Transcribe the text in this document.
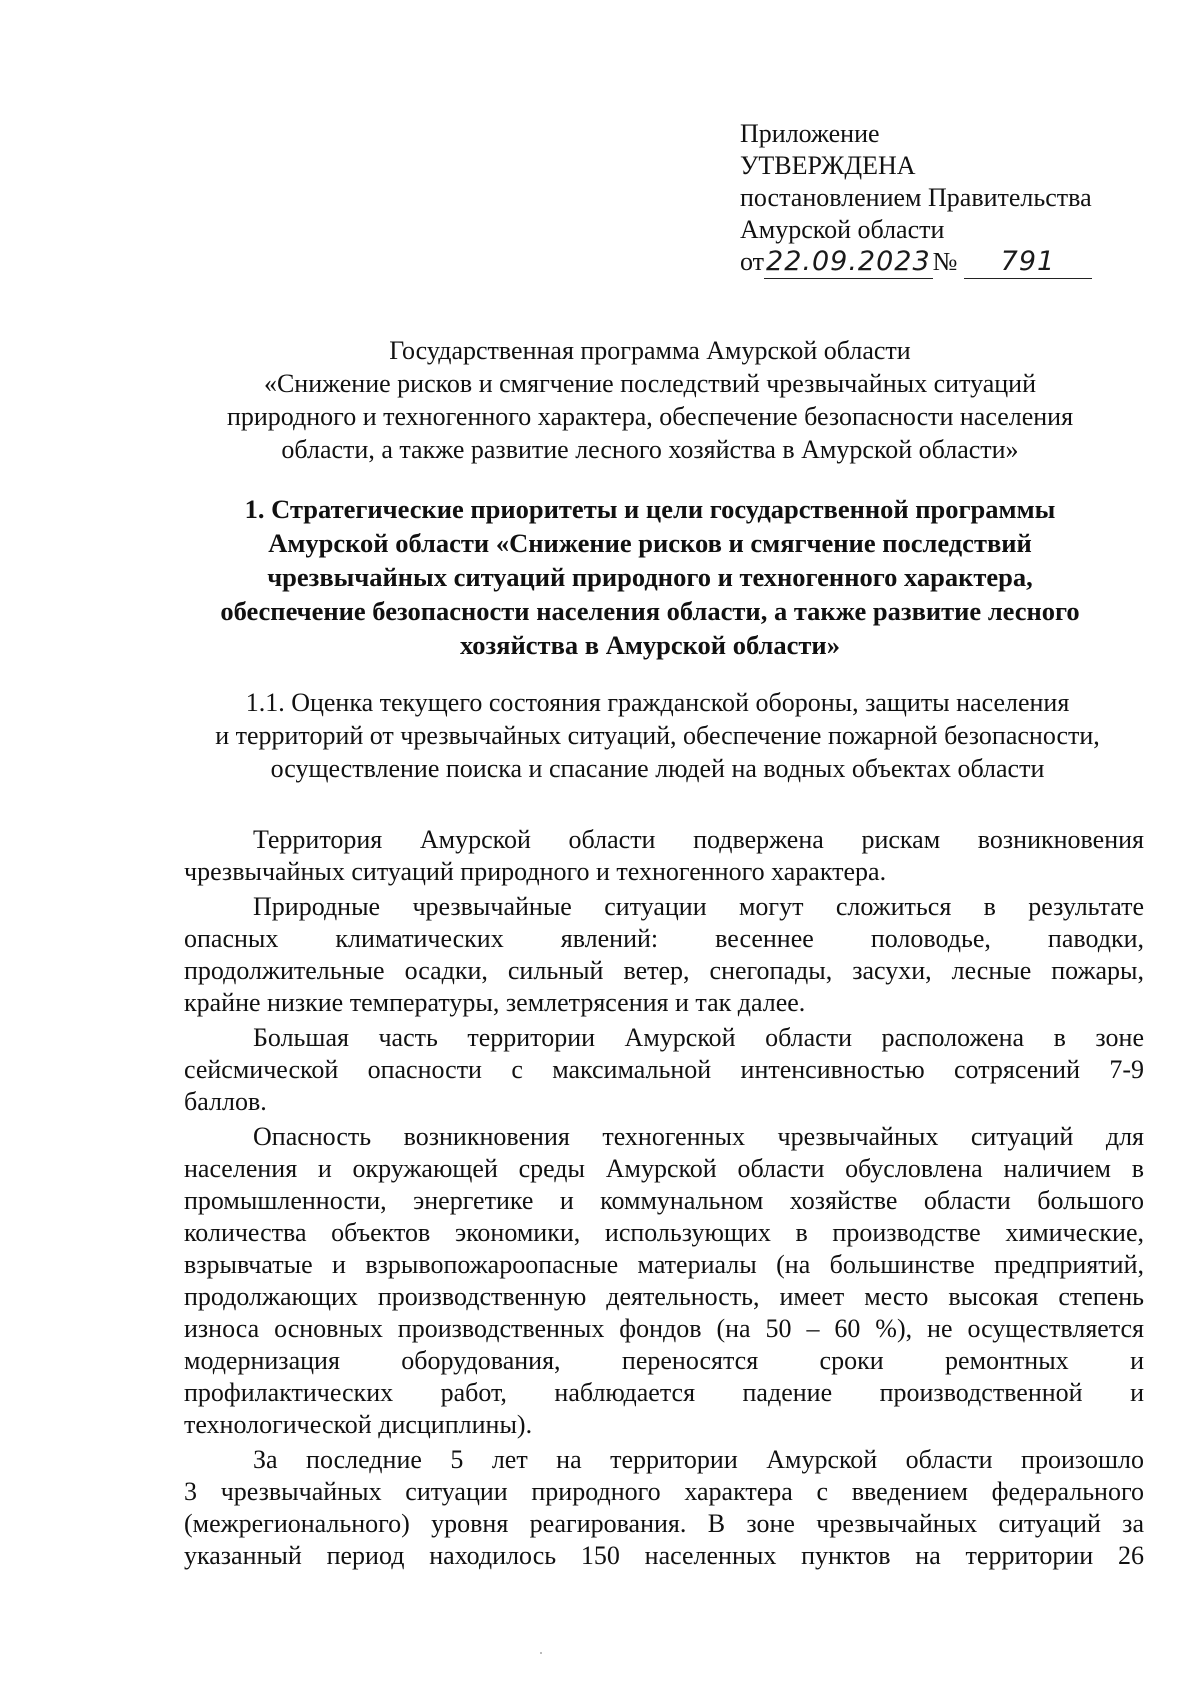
Приложение
УТВЕРЖДЕНА
постановлением Правительства
Амурской области
от22.09.2023№ 791
Государственная программа Амурской области
«Снижение рисков и смягчение последствий чрезвычайных ситуаций
природного и техногенного характера, обеспечение безопасности населения
области, а также развитие лесного хозяйства в Амурской области»
1. Стратегические приоритеты и цели государственной программы
Амурской области «Снижение рисков и смягчение последствий
чрезвычайных ситуаций природного и техногенного характера,
обеспечение безопасности населения области, а также развитие лесного
хозяйства в Амурской области»
1.1. Оценка текущего состояния гражданской обороны, защиты населения
и территорий от чрезвычайных ситуаций, обеспечение пожарной безопасности,
осуществление поиска и спасание людей на водных объектах области
Территория Амурской области подвержена рискам возникновения
чрезвычайных ситуаций природного и техногенного характера.
Природные чрезвычайные ситуации могут сложиться в результате
опасных климатических явлений: весеннее половодье, паводки,
продолжительные осадки, сильный ветер, снегопады, засухи, лесные пожары,
крайне низкие температуры, землетрясения и так далее.
Большая часть территории Амурской области расположена в зоне
сейсмической опасности с максимальной интенсивностью сотрясений 7-9
баллов.
Опасность возникновения техногенных чрезвычайных ситуаций для
населения и окружающей среды Амурской области обусловлена наличием в
промышленности, энергетике и коммунальном хозяйстве области большого
количества объектов экономики, использующих в производстве химические,
взрывчатые и взрывопожароопасные материалы (на большинстве предприятий,
продолжающих производственную деятельность, имеет место высокая степень
износа основных производственных фондов (на 50 – 60 %), не осуществляется
модернизация оборудования, переносятся сроки ремонтных и
профилактических работ, наблюдается падение производственной и
технологической дисциплины).
За последние 5 лет на территории Амурской области произошло
3 чрезвычайных ситуации природного характера с введением федерального
(межрегионального) уровня реагирования. В зоне чрезвычайных ситуаций за
указанный период находилось 150 населенных пунктов на территории 26
